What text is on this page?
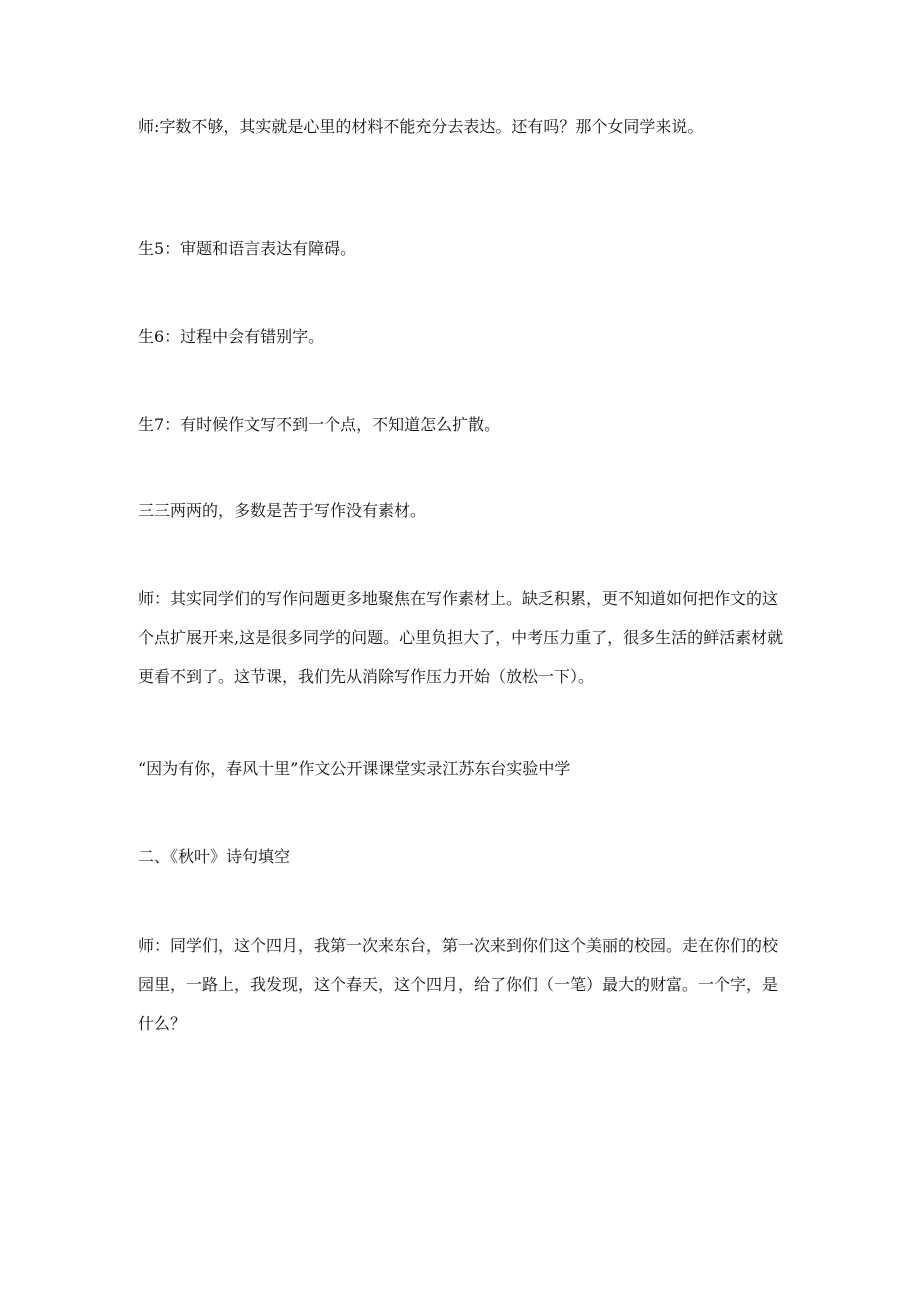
师:字数不够，其实就是心里的材料不能充分去表达。还有吗？那个女同学来说。

生5：审题和语言表达有障碍。

生6：过程中会有错别字。

生7：有时候作文写不到一个点，不知道怎么扩散。

三三两两的，多数是苦于写作没有素材。

师：其实同学们的写作问题更多地聚焦在写作素材上。缺乏积累，更不知道如何把作文的这个点扩展开来,这是很多同学的问题。心里负担大了，中考压力重了，很多生活的鲜活素材就更看不到了。这节课，我们先从消除写作压力开始（放松一下）。

“因为有你，春风十里”作文公开课课堂实录江苏东台实验中学

二、《秋叶》诗句填空

师：同学们，这个四月，我第一次来东台，第一次来到你们这个美丽的校园。走在你们的校园里，一路上，我发现，这个春天，这个四月，给了你们（一笔）最大的财富。一个字，是什么？
